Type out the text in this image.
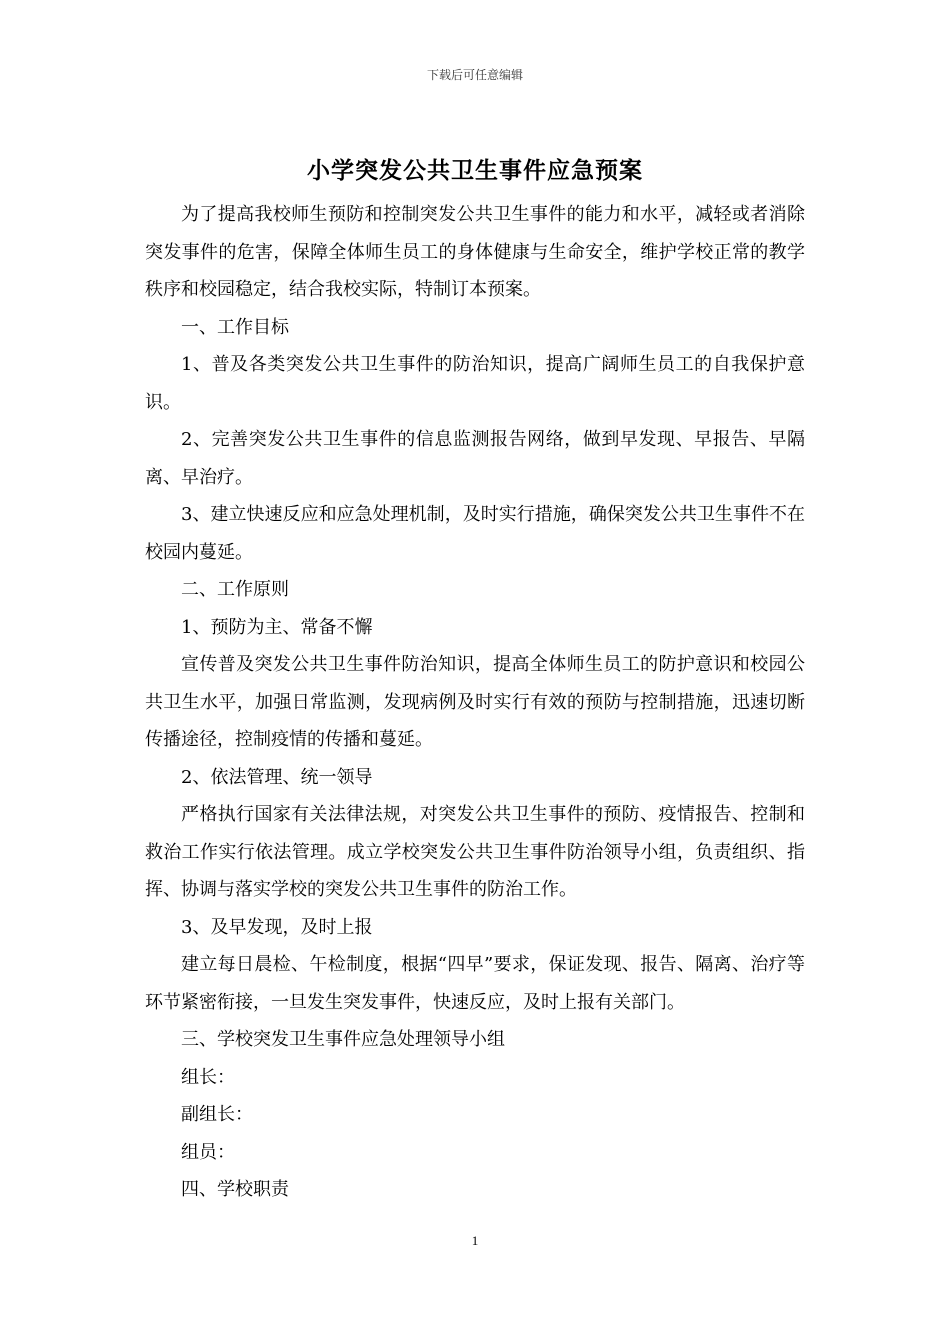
下载后可任意编辑
小学突发公共卫生事件应急预案

为了提高我校师生预防和控制突发公共卫生事件的能力和水平，减轻或者消除突发事件的危害，保障全体师生员工的身体健康与生命安全，维护学校正常的教学秩序和校园稳定，结合我校实际，特制订本预案。

一、工作目标

1、普及各类突发公共卫生事件的防治知识，提高广阔师生员工的自我保护意识。

2、完善突发公共卫生事件的信息监测报告网络，做到早发现、早报告、早隔离、早治疗。

3、建立快速反应和应急处理机制，及时实行措施，确保突发公共卫生事件不在校园内蔓延。

二、工作原则

1、预防为主、常备不懈

宣传普及突发公共卫生事件防治知识，提高全体师生员工的防护意识和校园公共卫生水平，加强日常监测，发现病例及时实行有效的预防与控制措施，迅速切断传播途径，控制疫情的传播和蔓延。

2、依法管理、统一领导

严格执行国家有关法律法规，对突发公共卫生事件的预防、疫情报告、控制和救治工作实行依法管理。成立学校突发公共卫生事件防治领导小组，负责组织、指挥、协调与落实学校的突发公共卫生事件的防治工作。

3、及早发现，及时上报

建立每日晨检、午检制度，根据“四早”要求，保证发现、报告、隔离、治疗等环节紧密衔接，一旦发生突发事件，快速反应，及时上报有关部门。

三、学校突发卫生事件应急处理领导小组

组长：

副组长：

组员：

四、学校职责

1
